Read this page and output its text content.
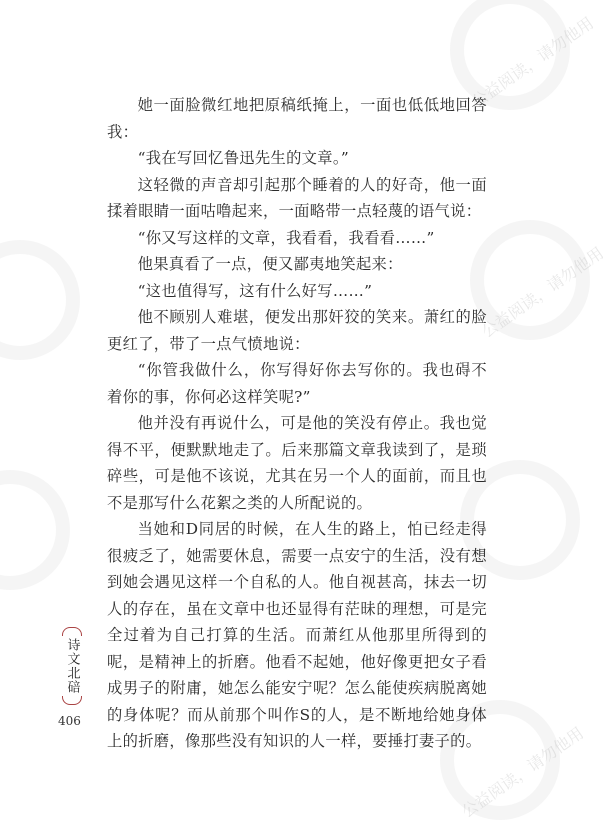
公益阅读，请勿他用
公益阅读，请勿他用
公益阅读，请勿他用

她一面脸微红地把原稿纸掩上，一面也低低地回答我：

“我在写回忆鲁迅先生的文章。”

这轻微的声音却引起那个睡着的人的好奇，他一面揉着眼睛一面咕噜起来，一面略带一点轻蔑的语气说：

“你又写这样的文章，我看看，我看看……”

他果真看了一点，便又鄙夷地笑起来：

“这也值得写，这有什么好写……”

他不顾别人难堪，便发出那奸狡的笑来。萧红的脸更红了，带了一点气愤地说：

“你管我做什么，你写得好你去写你的。我也碍不着你的事，你何必这样笑呢?”

他并没有再说什么，可是他的笑没有停止。我也觉得不平，便默默地走了。后来那篇文章我读到了，是琐碎些，可是他不该说，尤其在另一个人的面前，而且也不是那写什么花絮之类的人所配说的。

当她和D同居的时候，在人生的路上，怕已经走得很疲乏了，她需要休息，需要一点安宁的生活，没有想到她会遇见这样一个自私的人。他自视甚高，抹去一切人的存在，虽在文章中也还显得有茫昧的理想，可是完全过着为自己打算的生活。而萧红从他那里所得到的呢，是精神上的折磨。他看不起她，他好像更把女子看成男子的附庸，她怎么能安宁呢？怎么能使疾病脱离她的身体呢？而从前那个叫作S的人，是不断地给她身体上的折磨，像那些没有知识的人一样，要捶打妻子的。

诗文北碚
406
